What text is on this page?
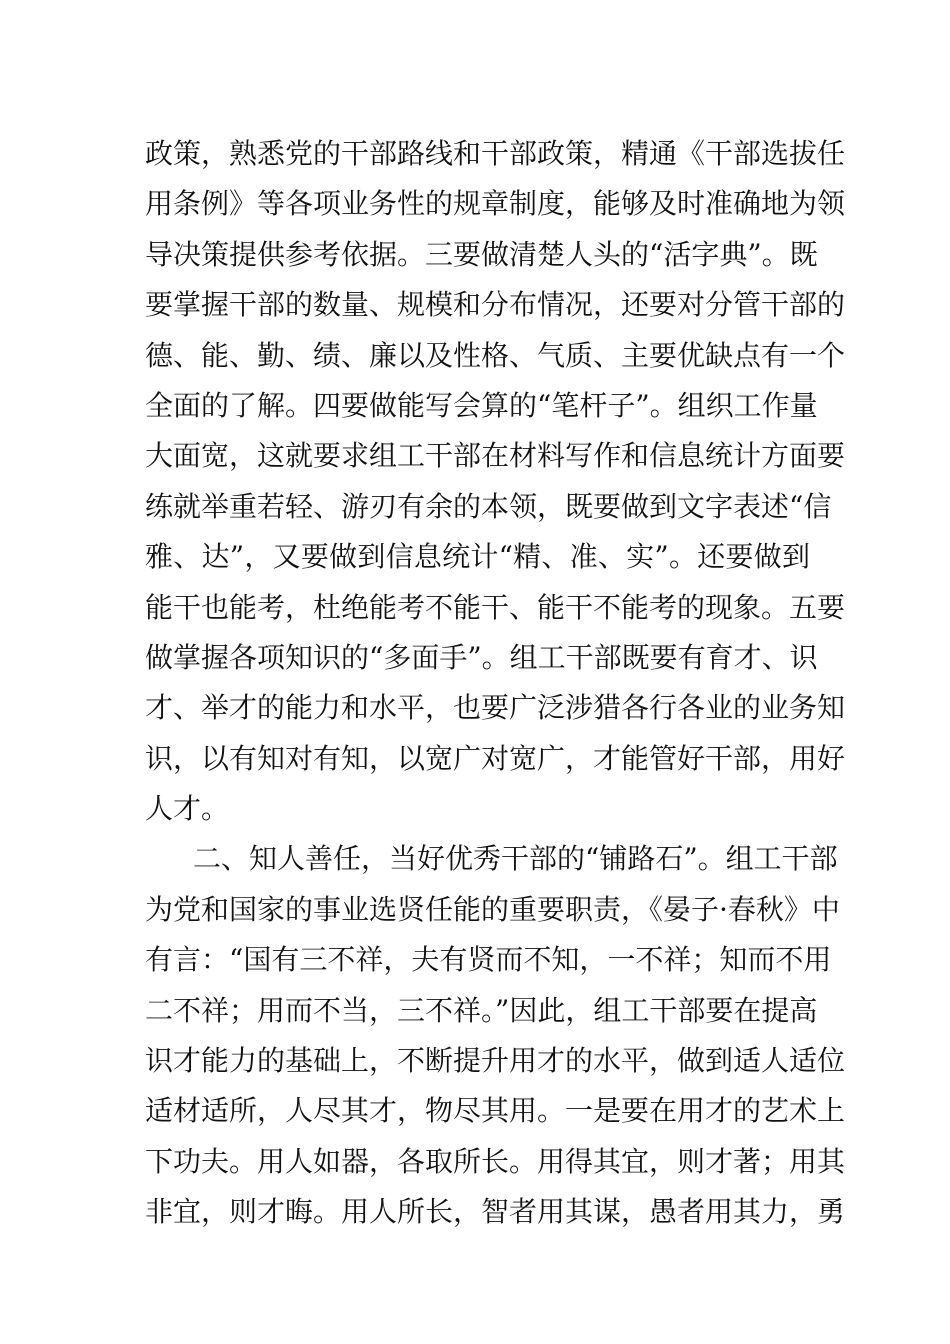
政策，熟悉党的干部路线和干部政策，精通《干部选拔任
用条例》等各项业务性的规章制度，能够及时准确地为领
导决策提供参考依据。三要做清楚人头的“活字典”。既
要掌握干部的数量、规模和分布情况，还要对分管干部的
德、能、勤、绩、廉以及性格、气质、主要优缺点有一个
全面的了解。四要做能写会算的“笔杆子”。组织工作量
大面宽，这就要求组工干部在材料写作和信息统计方面要
练就举重若轻、游刃有余的本领，既要做到文字表述“信
雅、达”，又要做到信息统计“精、准、实”。还要做到
能干也能考，杜绝能考不能干、能干不能考的现象。五要
做掌握各项知识的“多面手”。组工干部既要有育才、识
才、举才的能力和水平，也要广泛涉猎各行各业的业务知
识，以有知对有知，以宽广对宽广，才能管好干部，用好
人才。
二、知人善任，当好优秀干部的“铺路石”。组工干部
为党和国家的事业选贤任能的重要职责，《晏子·春秋》中
有言：“国有三不祥，夫有贤而不知，一不祥；知而不用
二不祥；用而不当，三不祥。”因此，组工干部要在提高
识才能力的基础上，不断提升用才的水平，做到适人适位
适材适所，人尽其才，物尽其用。一是要在用才的艺术上
下功夫。用人如器，各取所长。用得其宜，则才著；用其
非宜，则才晦。用人所长，智者用其谋，愚者用其力，勇
